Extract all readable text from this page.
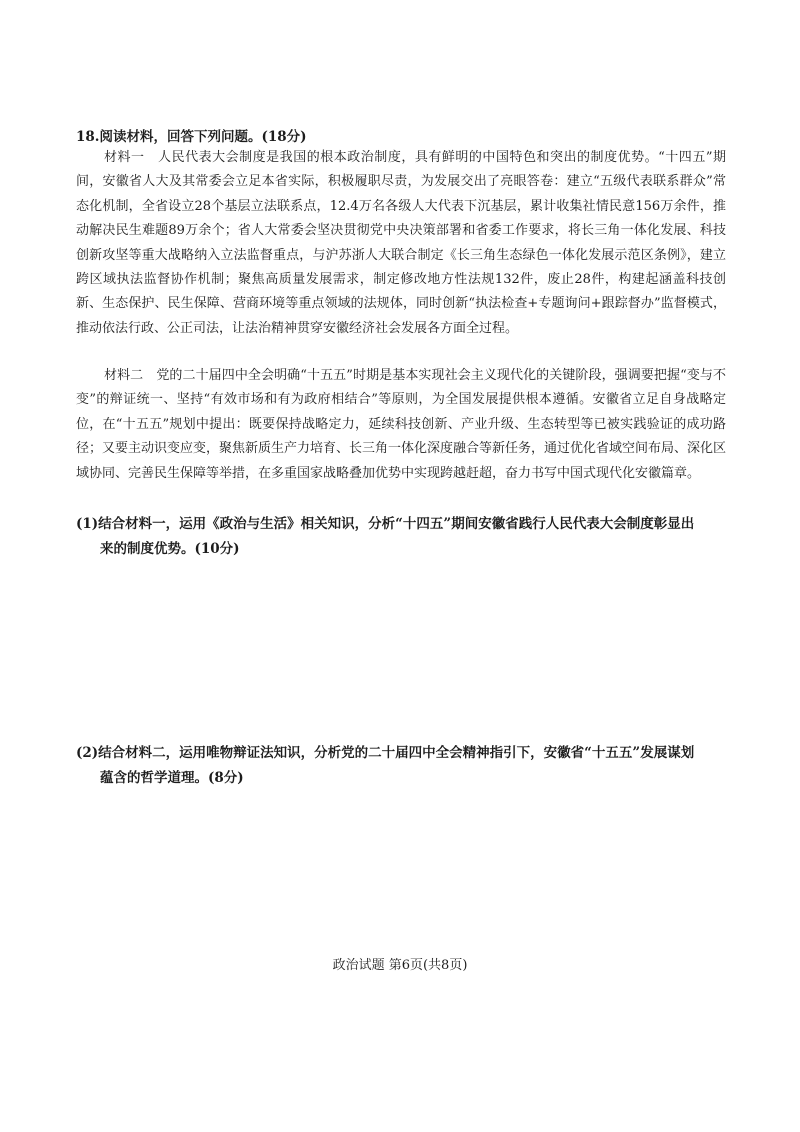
18.阅读材料，回答下列问题。(18分)
材料一　人民代表大会制度是我国的根本政治制度，具有鲜明的中国特色和突出的制度优势。“十四五”期间，安徽省人大及其常委会立足本省实际，积极履职尽责，为发展交出了亮眼答卷：建立“五级代表联系群众”常态化机制，全省设立28个基层立法联系点，12.4万名各级人大代表下沉基层，累计收集社情民意156万余件，推动解决民生难题89万余个；省人大常委会坚决贯彻党中央决策部署和省委工作要求，将长三角一体化发展、科技创新攻坚等重大战略纳入立法监督重点，与沪苏浙人大联合制定《长三角生态绿色一体化发展示范区条例》，建立跨区域执法监督协作机制；聚焦高质量发展需求，制定修改地方性法规132件，废止28件，构建起涵盖科技创新、生态保护、民生保障、营商环境等重点领域的法规体，同时创新“执法检查+专题询问+跟踪督办”监督模式，推动依法行政、公正司法，让法治精神贯穿安徽经济社会发展各方面全过程。
材料二　党的二十届四中全会明确“十五五”时期是基本实现社会主义现代化的关键阶段，强调要把握“变与不变”的辩证统一、坚持“有效市场和有为政府相结合”等原则，为全国发展提供根本遵循。安徽省立足自身战略定位，在“十五五”规划中提出：既要保持战略定力，延续科技创新、产业升级、生态转型等已被实践验证的成功路径；又要主动识变应变，聚焦新质生产力培育、长三角一体化深度融合等新任务，通过优化省域空间布局、深化区域协同、完善民生保障等举措，在多重国家战略叠加优势中实现跨越赶超，奋力书写中国式现代化安徽篇章。
(1)结合材料一，运用《政治与生活》相关知识，分析“十四五”期间安徽省践行人民代表大会制度彰显出
来的制度优势。(10分)
(2)结合材料二，运用唯物辩证法知识，分析党的二十届四中全会精神指引下，安徽省“十五五”发展谋划
蕴含的哲学道理。(8分)
政治试题 第6页(共8页)
